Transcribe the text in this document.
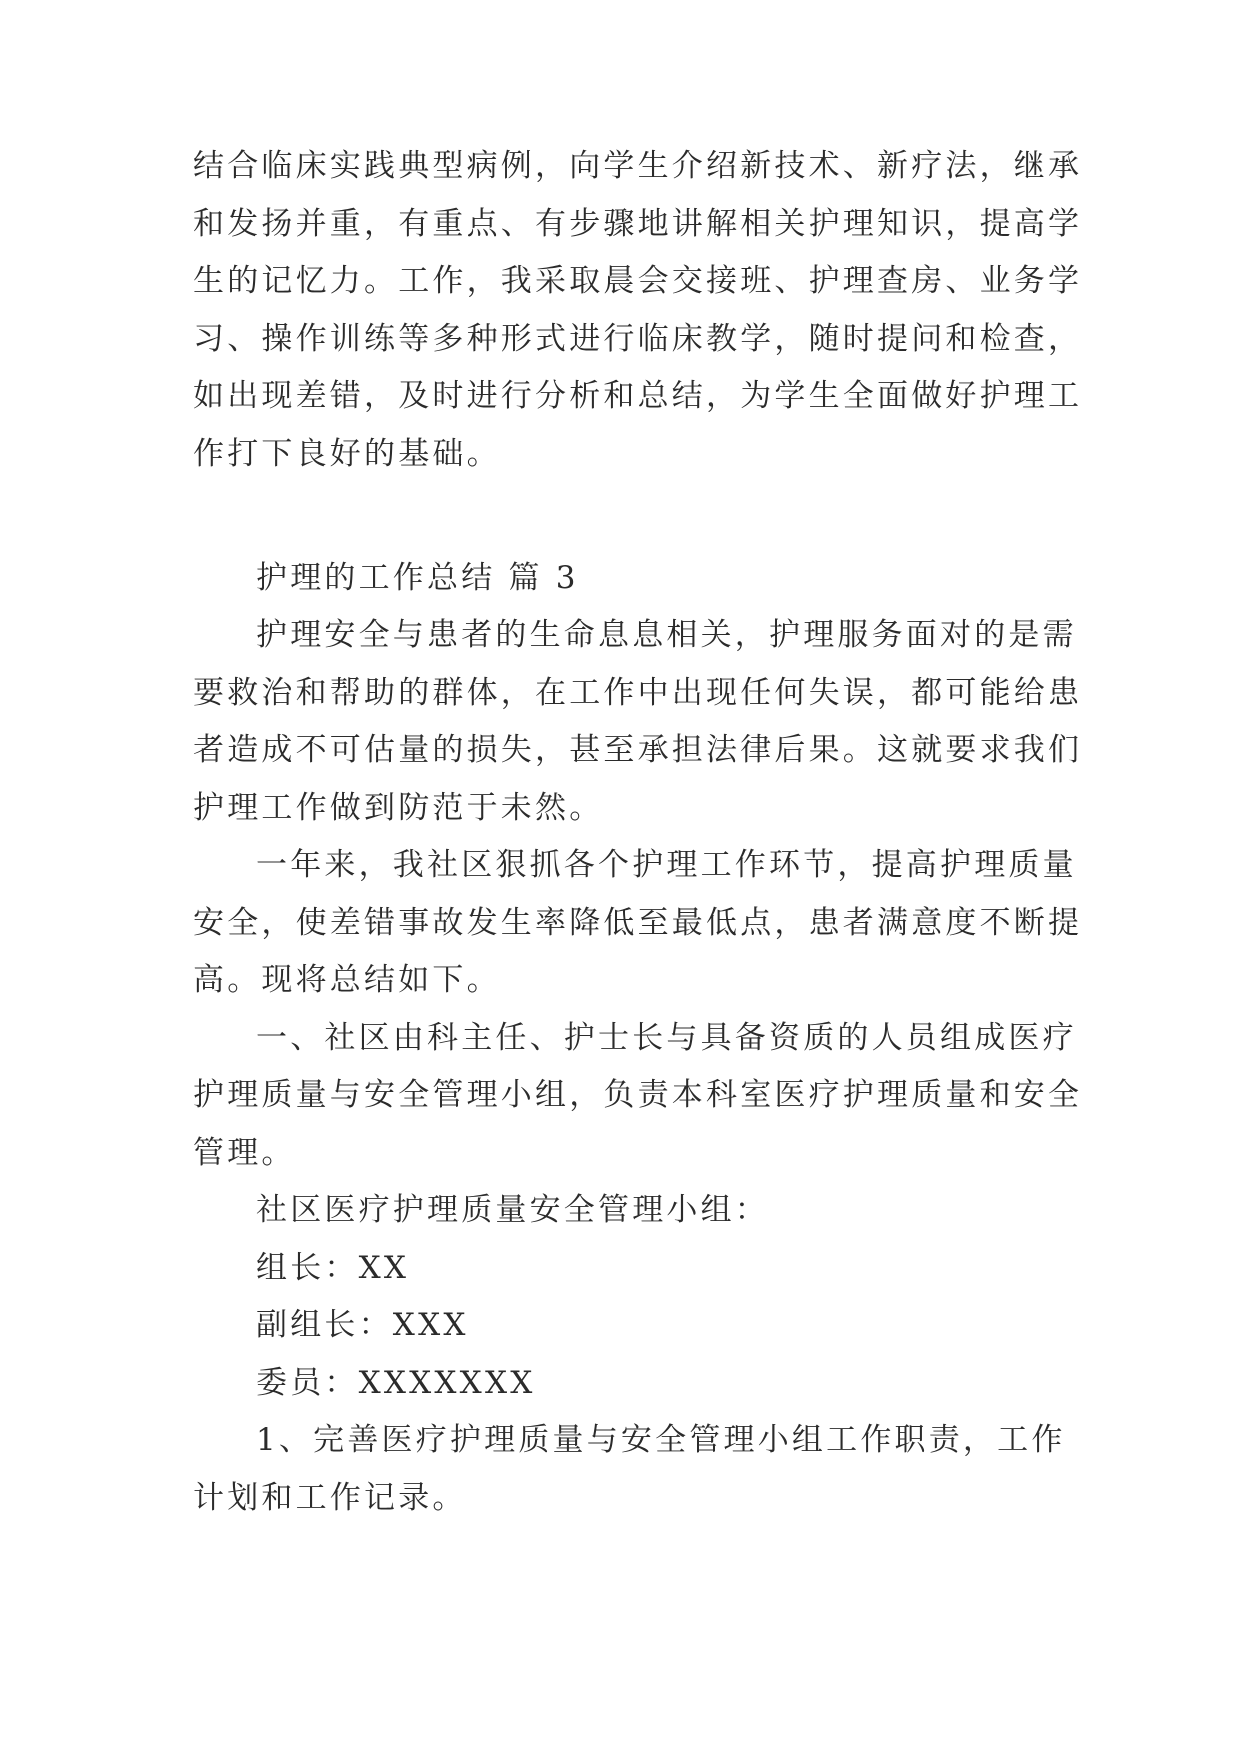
结合临床实践典型病例，向学生介绍新技术、新疗法，继承
和发扬并重，有重点、有步骤地讲解相关护理知识，提高学
生的记忆力。工作，我采取晨会交接班、护理查房、业务学
习、操作训练等多种形式进行临床教学，随时提问和检查，
如出现差错，及时进行分析和总结，为学生全面做好护理工
作打下良好的基础。
护理的工作总结 篇 3
护理安全与患者的生命息息相关，护理服务面对的是需
要救治和帮助的群体，在工作中出现任何失误，都可能给患
者造成不可估量的损失，甚至承担法律后果。这就要求我们
护理工作做到防范于未然。
一年来，我社区狠抓各个护理工作环节，提高护理质量
安全，使差错事故发生率降低至最低点，患者满意度不断提
高。现将总结如下。
一、社区由科主任、护士长与具备资质的人员组成医疗
护理质量与安全管理小组，负责本科室医疗护理质量和安全
管理。
社区医疗护理质量安全管理小组：
组长：XX
副组长：XXX
委员：XXXXXXX
1、完善医疗护理质量与安全管理小组工作职责，工作
计划和工作记录。
